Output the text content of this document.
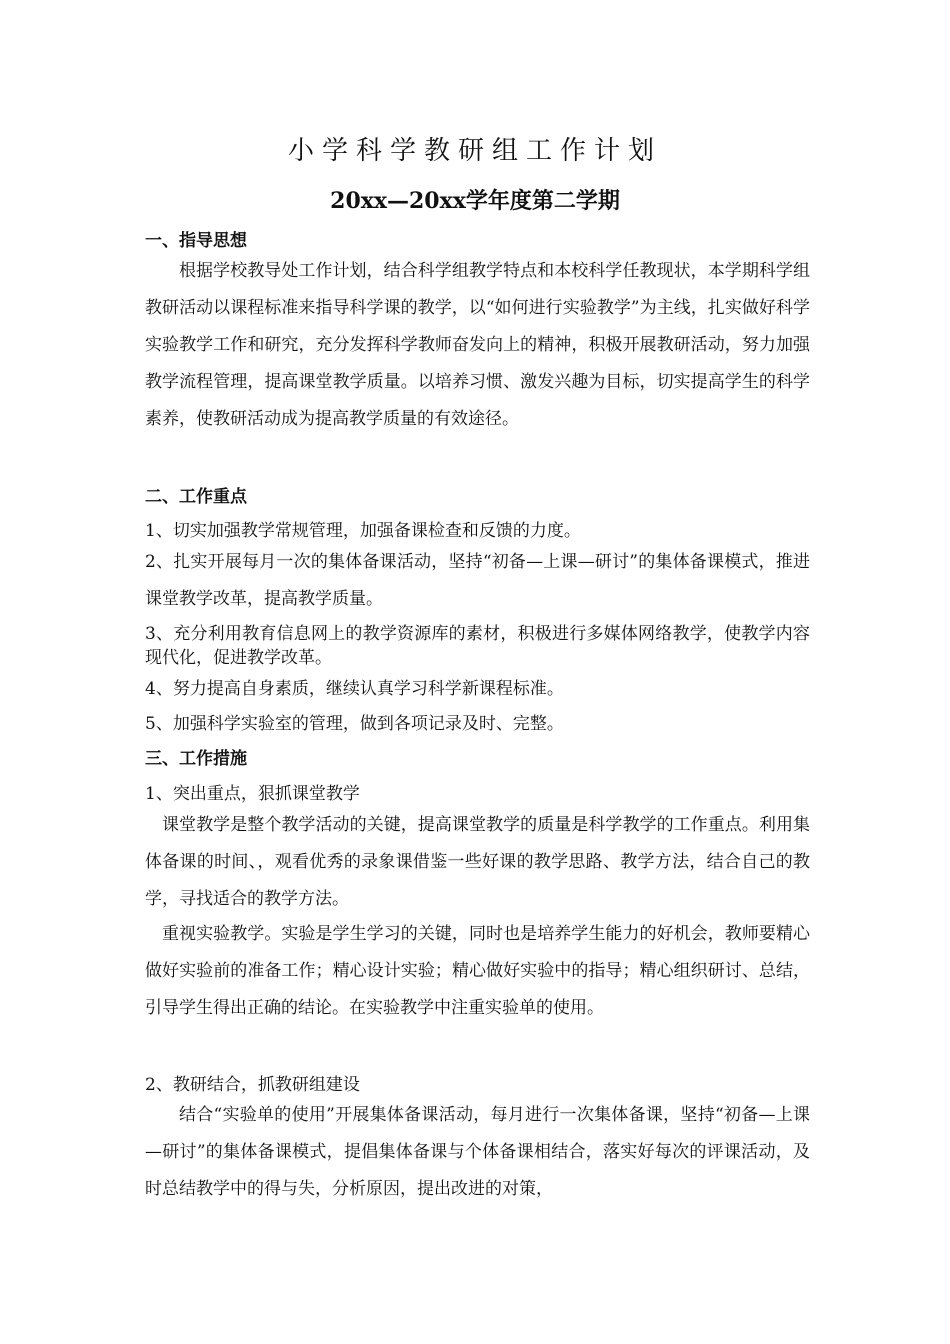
小学科学教研组工作计划
20xx—20xx学年度第二学期
一、指导思想

根据学校教导处工作计划，结合科学组教学特点和本校科学任教现状，本学期科学组教研活动以课程标准来指导科学课的教学，以“如何进行实验教学”为主线，扎实做好科学实验教学工作和研究，充分发挥科学教师奋发向上的精神，积极开展教研活动，努力加强教学流程管理，提高课堂教学质量。以培养习惯、激发兴趣为目标，切实提高学生的科学素养，使教研活动成为提高教学质量的有效途径。

二、工作重点
1、切实加强教学常规管理，加强备课检查和反馈的力度。

2、扎实开展每月一次的集体备课活动，坚持“初备—上课—研讨”的集体备课模式，推进课堂教学改革，提高教学质量。

3、充分利用教育信息网上的教学资源库的素材，积极进行多媒体网络教学，使教学内容现代化，促进教学改革。

4、努力提高自身素质，继续认真学习科学新课程标准。
5、加强科学实验室的管理，做到各项记录及时、完整。
三、工作措施
1、突出重点，狠抓课堂教学

课堂教学是整个教学活动的关键，提高课堂教学的质量是科学教学的工作重点。利用集体备课的时间、，观看优秀的录象课借鉴一些好课的教学思路、教学方法，结合自己的教学，寻找适合的教学方法。

重视实验教学。实验是学生学习的关键，同时也是培养学生能力的好机会，教师要精心做好实验前的准备工作；精心设计实验；精心做好实验中的指导；精心组织研讨、总结，引导学生得出正确的结论。在实验教学中注重实验单的使用。

2、教研结合，抓教研组建设

结合“实验单的使用”开展集体备课活动，每月进行一次集体备课，坚持“初备—上课—研讨”的集体备课模式，提倡集体备课与个体备课相结合，落实好每次的评课活动，及时总结教学中的得与失，分析原因，提出改进的对策，
